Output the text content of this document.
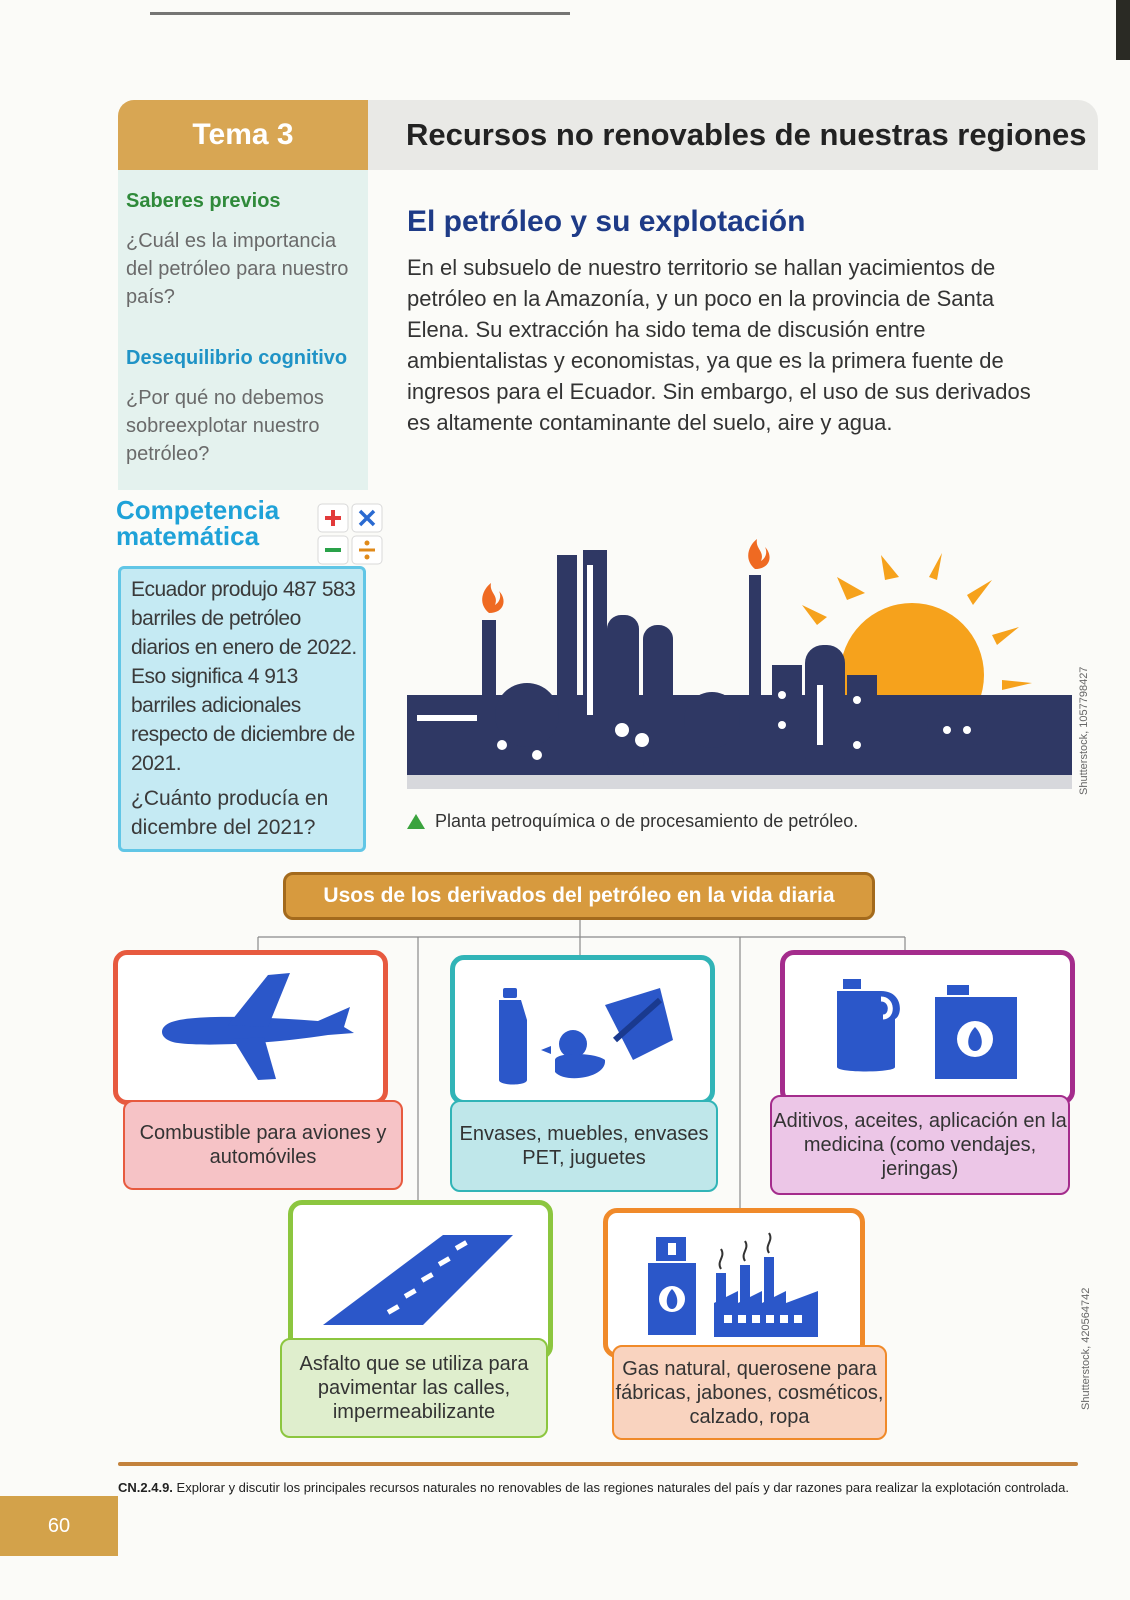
Tema 3	Recursos no renovables de nuestras regiones
Saberes previos
¿Cuál es la importancia del petróleo para nuestro país?
Desequilibrio cognitivo
¿Por qué no debemos sobreexplotar nuestro petróleo?
Competencia
matemática
Ecuador produjo 487 583 barriles de petróleo diarios en enero de 2022. Eso significa 4 913 barriles adicionales respecto de diciembre de 2021.
¿Cuánto producía en dicembre del 2021?
El petróleo y su explotación
En el subsuelo de nuestro territorio se hallan yacimientos de petróleo en la Amazonía, y un poco en la provincia de Santa Elena. Su extracción ha sido tema de discusión entre ambientalistas y economistas, ya que es la primera fuente de ingresos para el Ecuador. Sin embargo, el uso de sus derivados es altamente contaminante del suelo, aire y agua.
Shutterstock, 1057798427
Planta petroquímica o de procesamiento de petróleo.
Usos de los derivados del petróleo en la vida diaria
Combustible para aviones y automóviles
Envases, muebles, envases PET, juguetes
Aditivos, aceites, aplicación en la medicina (como vendajes, jeringas)
Asfalto que se utiliza para pavimentar las calles, impermeabilizante
Gas natural, querosene para fábricas, jabones, cosméticos, calzado, ropa
Shutterstock, 420564742
CN.2.4.9. Explorar y discutir los principales recursos naturales no renovables de las regiones naturales del país y dar razones para realizar la explotación controlada.
60
